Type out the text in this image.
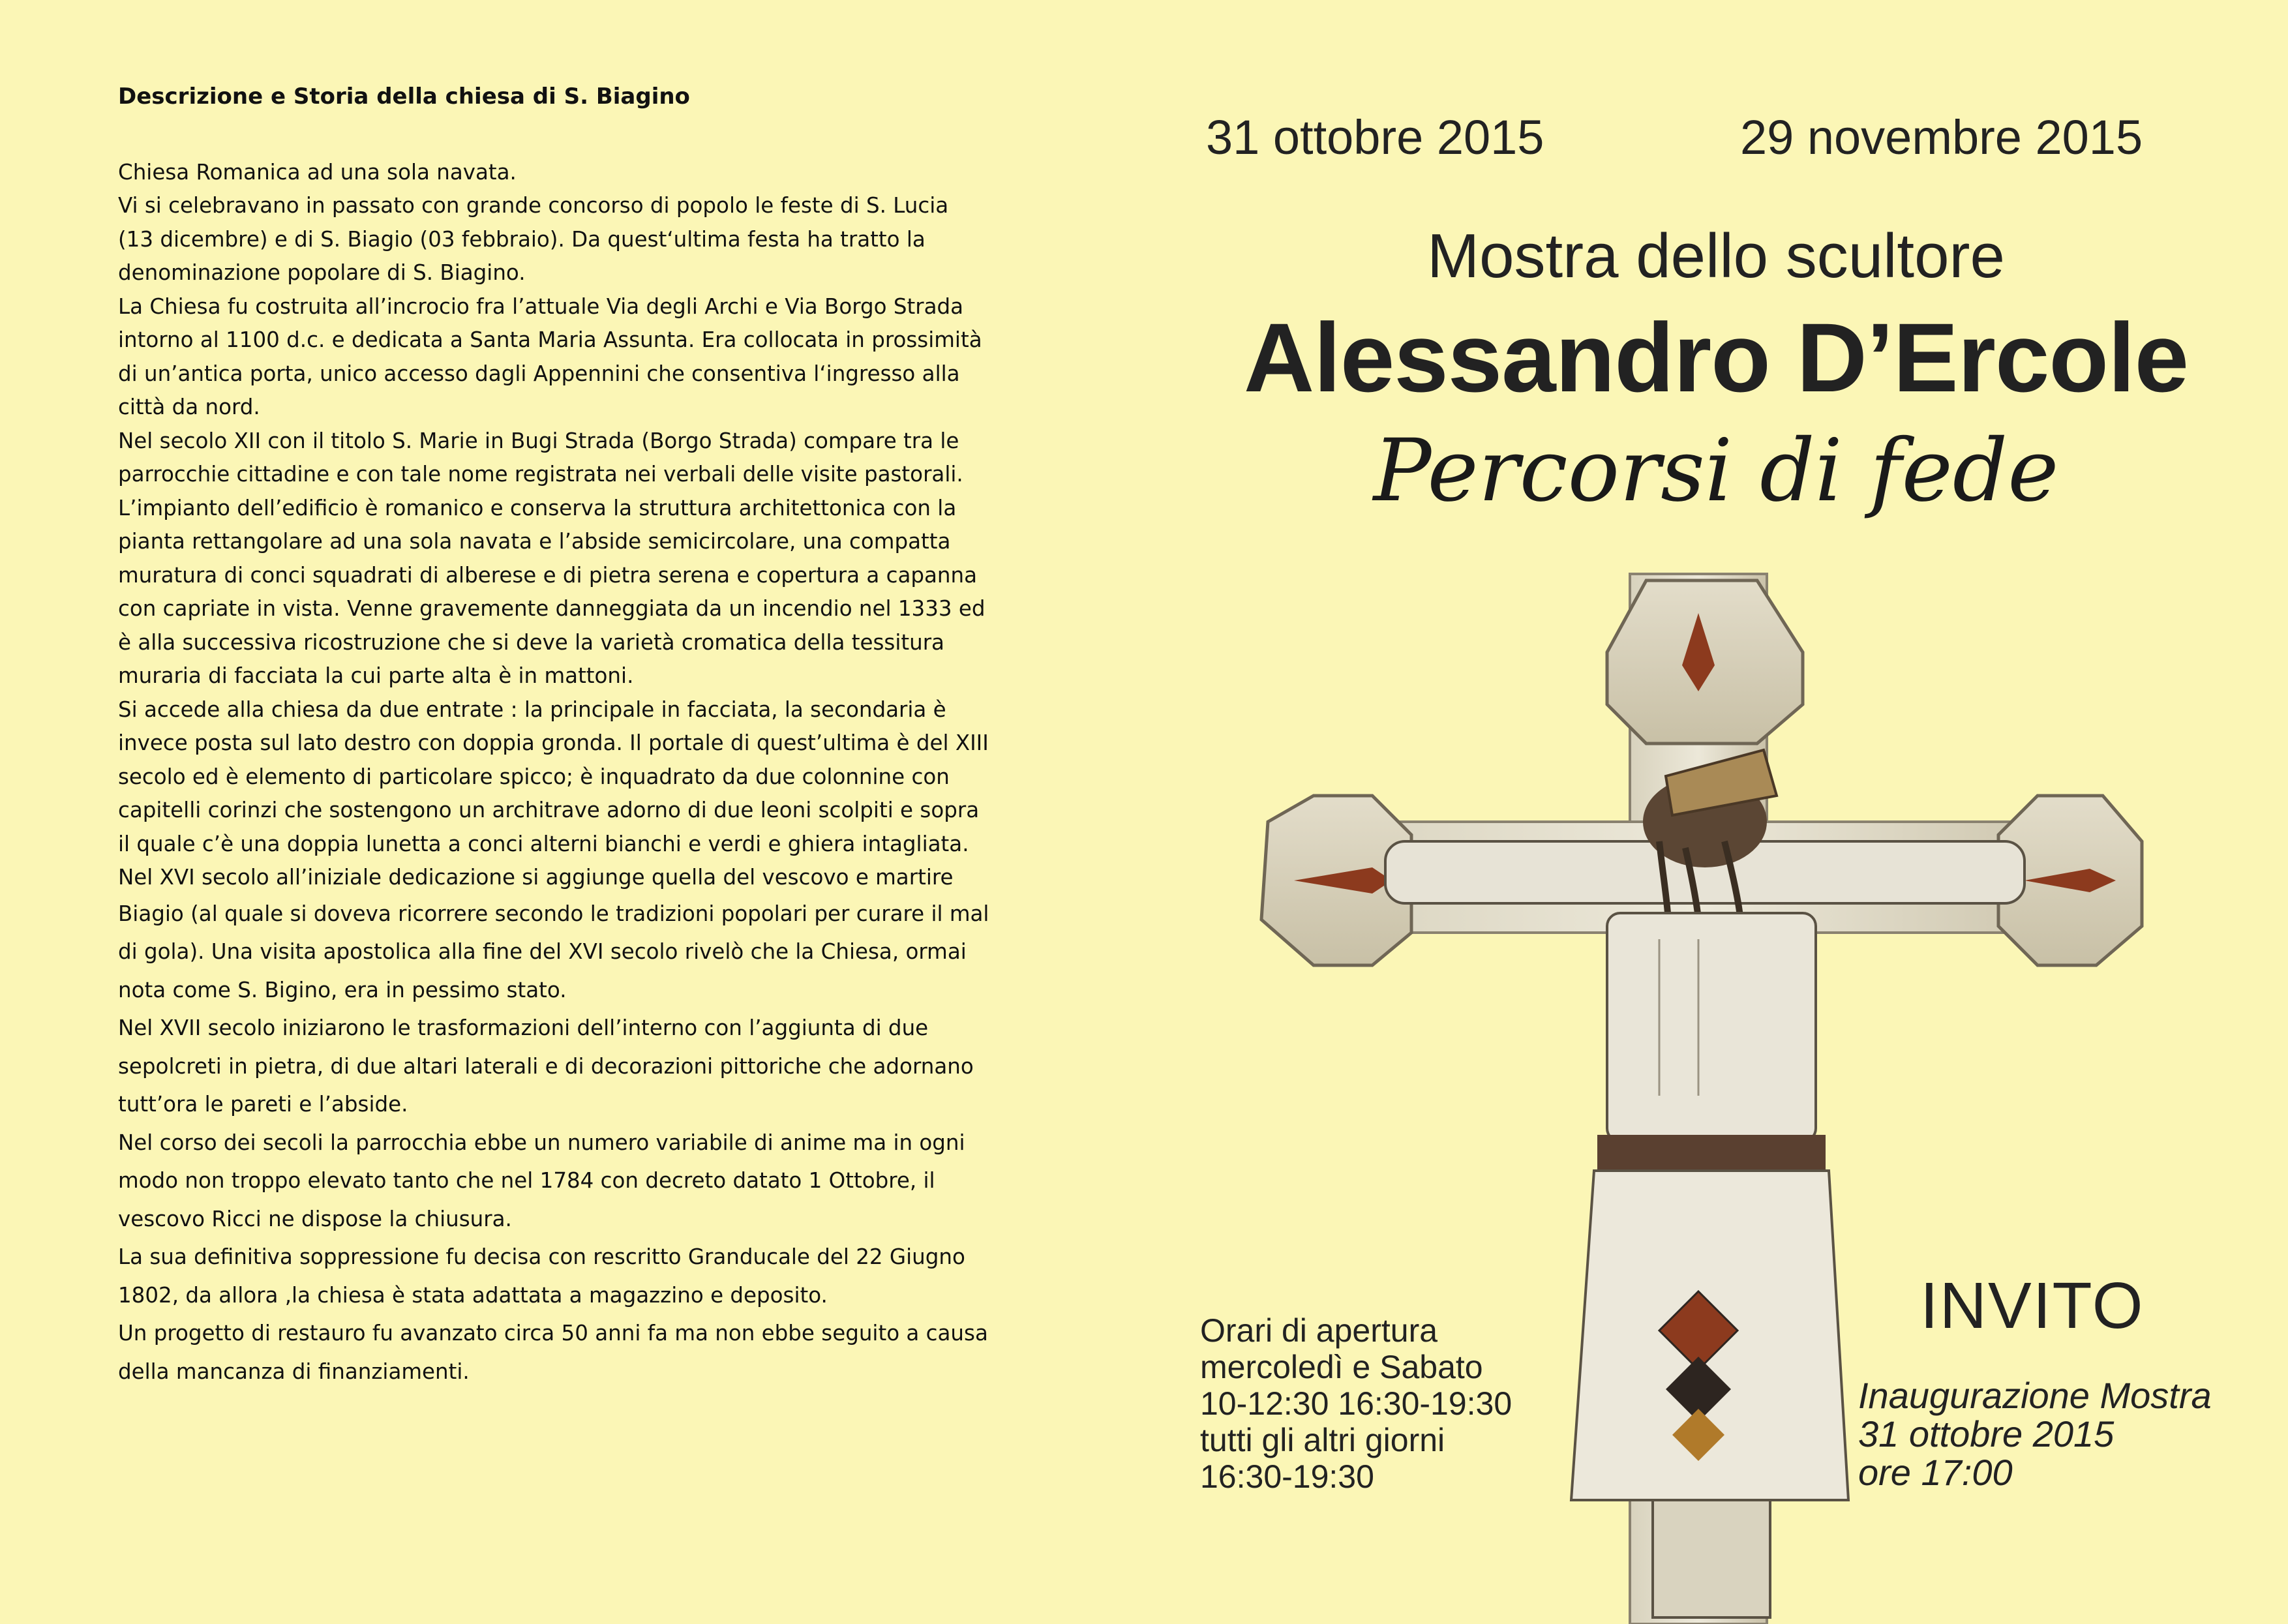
Descrizione e Storia della chiesa di S. Biagino

Chiesa Romanica ad una sola navata.

Vi si celebravano in passato con grande concorso di popolo le feste di S. Lucia

(13 dicembre) e di S. Biagio (03 febbraio). Da quest‘ultima festa ha tratto la

denominazione popolare di S. Biagino.

La Chiesa fu costruita all’incrocio fra l’attuale Via degli Archi e Via Borgo Strada

intorno al 1100 d.c. e dedicata a Santa Maria Assunta. Era collocata in prossimità

di un’antica porta, unico accesso dagli Appennini che consentiva l‘ingresso alla

città da nord.

Nel secolo XII con il titolo S. Marie in Bugi Strada (Borgo Strada) compare tra le

parrocchie cittadine e con tale nome registrata nei verbali delle visite pastorali.

L’impianto dell’edificio è romanico e conserva la struttura architettonica con la

pianta rettangolare ad una sola navata e l’abside semicircolare, una compatta

muratura di conci squadrati di alberese e di pietra serena e copertura a capanna

con capriate in vista. Venne gravemente danneggiata da un incendio nel 1333 ed

è alla successiva ricostruzione che si deve la varietà cromatica della tessitura

muraria di facciata la cui parte alta è in mattoni.

Si accede alla chiesa da due entrate : la principale in facciata, la secondaria è

invece posta sul lato destro con doppia gronda. Il portale di quest’ultima è del XIII

secolo ed è elemento di particolare spicco; è inquadrato da due colonnine con

capitelli corinzi che sostengono un architrave adorno di due leoni scolpiti e sopra

il quale c’è una doppia lunetta a conci alterni bianchi e verdi e ghiera intagliata.

Nel XVI secolo all’iniziale dedicazione si aggiunge quella del vescovo e martire

Biagio (al quale si doveva ricorrere secondo le tradizioni popolari per curare il mal

di gola). Una visita apostolica alla fine del XVI secolo rivelò che la Chiesa, ormai

nota come S. Bigino, era in pessimo stato.

Nel XVII secolo iniziarono le trasformazioni dell’interno con l’aggiunta di due

sepolcreti in pietra, di due altari laterali e di decorazioni pittoriche che adornano

tutt’ora le pareti e l’abside.

Nel corso dei secoli la parrocchia ebbe un numero variabile di anime ma in ogni

modo non troppo elevato tanto che nel 1784 con decreto datato 1 Ottobre, il

vescovo Ricci ne dispose la chiusura.

La sua definitiva soppressione fu decisa con rescritto Granducale del 22 Giugno

1802, da allora ,la chiesa è stata adattata a magazzino e deposito.

Un progetto di restauro fu avanzato circa 50 anni fa ma non ebbe seguito a causa

della mancanza di finanziamenti.

31 ottobre 2015	29 novembre 2015
Mostra dello scultore
Alessandro D’Ercole
Percorsi di fede
Orari di apertura
mercoledì e Sabato
10-12:30 16:30-19:30
tutti gli altri giorni
16:30-19:30
INVITO
Inaugurazione Mostra
31 ottobre 2015
ore 17:00
